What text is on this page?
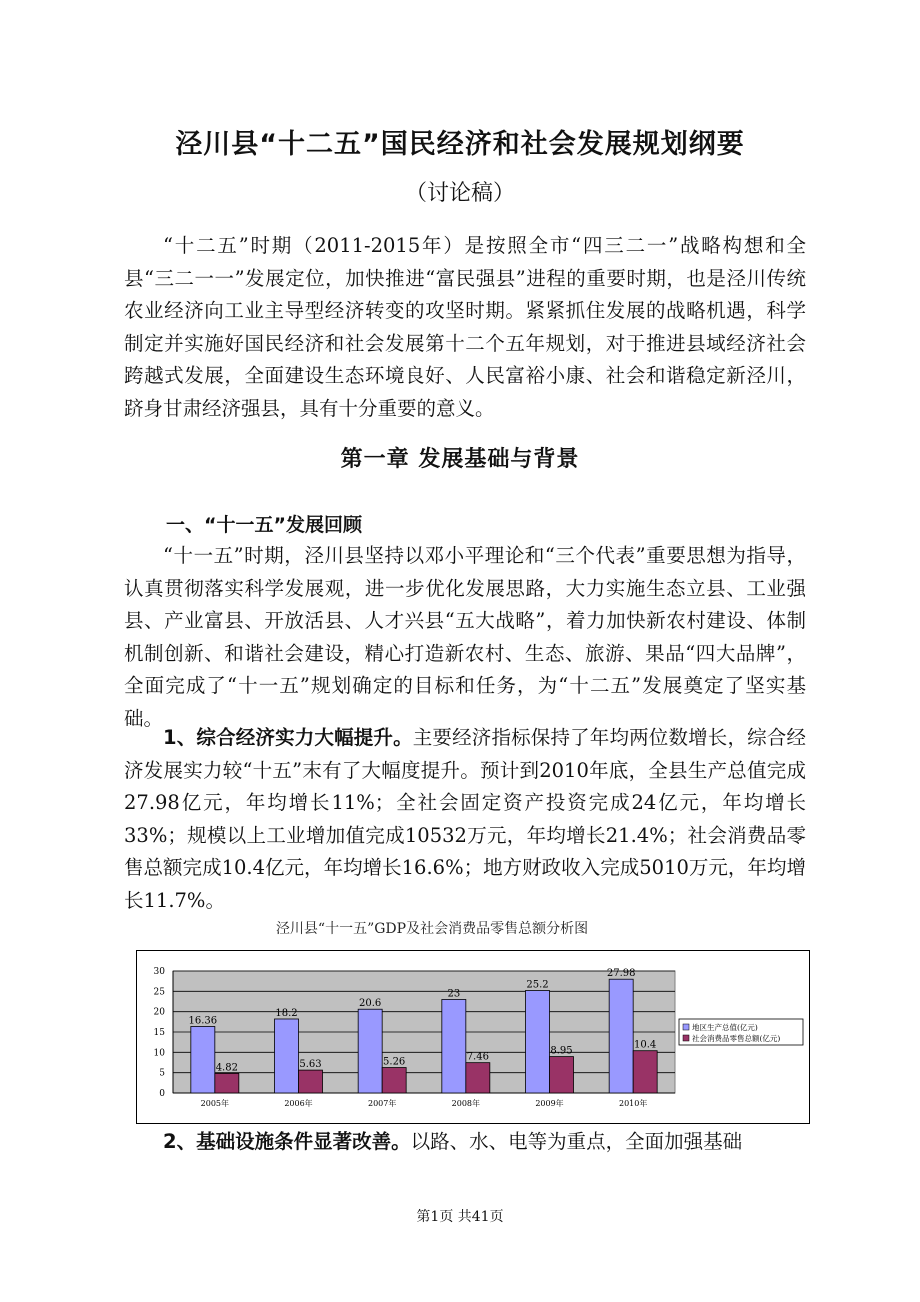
泾川县“十二五”国民经济和社会发展规划纲要
（讨论稿）

“十二五”时期（2011-2015年）是按照全市“四三二一”战略构想和全县“三二一一”发展定位，加快推进“富民强县”进程的重要时期，也是泾川传统农业经济向工业主导型经济转变的攻坚时期。紧紧抓住发展的战略机遇，科学制定并实施好国民经济和社会发展第十二个五年规划，对于推进县域经济社会跨越式发展，全面建设生态环境良好、人民富裕小康、社会和谐稳定新泾川，跻身甘肃经济强县，具有十分重要的意义。

第一章 发展基础与背景
一、“十一五”发展回顾

“十一五”时期，泾川县坚持以邓小平理论和“三个代表”重要思想为指导，认真贯彻落实科学发展观，进一步优化发展思路，大力实施生态立县、工业强县、产业富县、开放活县、人才兴县“五大战略”，着力加快新农村建设、体制机制创新、和谐社会建设，精心打造新农村、生态、旅游、果品“四大品牌”，全面完成了“十一五”规划确定的目标和任务，为“十二五”发展奠定了坚实基础。

1、综合经济实力大幅提升。主要经济指标保持了年均两位数增长，综合经济发展实力较“十五”末有了大幅度提升。预计到2010年底，全县生产总值完成27.98亿元，年均增长11%；全社会固定资产投资完成24亿元，年均增长33%；规模以上工业增加值完成10532万元，年均增长21.4%；社会消费品零售总额完成10.4亿元，年均增长16.6%；地方财政收入完成5010万元，年均增长11.7%。

泾川县“十一五”GDP及社会消费品零售总额分析图
0
5
10
15
20
25
30
16.36
4.82
2005年
18.2
5.63
2006年
20.6
5.26
2007年
23
7.46
2008年
25.2
8.95
2009年
27.98
10.4
2010年
地区生产总值(亿元)
社会消费品零售总额(亿元)

2、基础设施条件显著改善。以路、水、电等为重点，全面加强基础

第1页 共41页
